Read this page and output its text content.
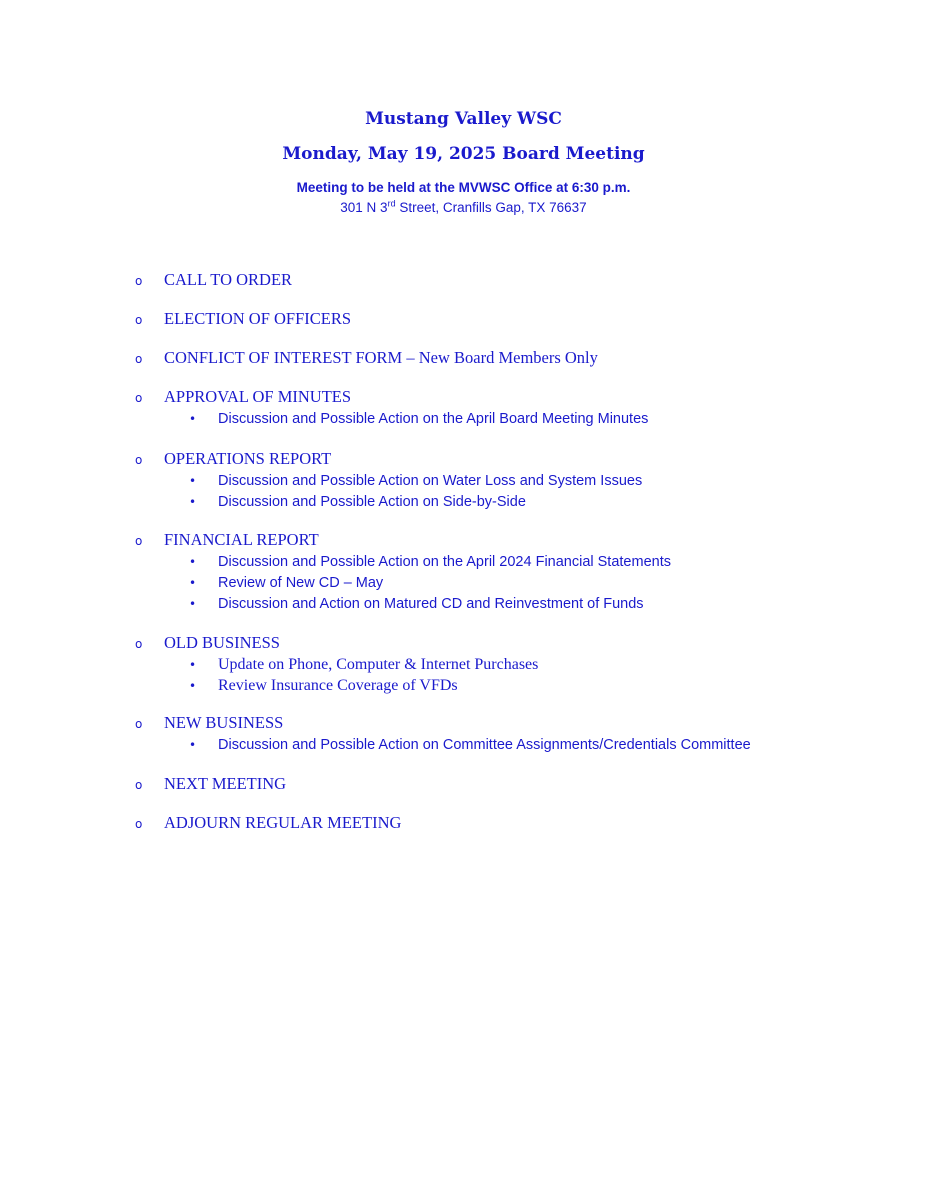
Mustang Valley WSC
Monday, May 19, 2025 Board Meeting
Meeting to be held at the MVWSC Office at 6:30 p.m.
301 N 3rd Street, Cranfills Gap, TX 76637
o CALL TO ORDER
o ELECTION OF OFFICERS
o CONFLICT OF INTEREST FORM – New Board Members Only
o APPROVAL OF MINUTES
• Discussion and Possible Action on the April Board Meeting Minutes
o OPERATIONS REPORT
• Discussion and Possible Action on Water Loss and System Issues
• Discussion and Possible Action on Side-by-Side
o FINANCIAL REPORT
• Discussion and Possible Action on the April 2024 Financial Statements
• Review of New CD – May
• Discussion and Action on Matured CD and Reinvestment of Funds
o OLD BUSINESS
• Update on Phone, Computer & Internet Purchases
• Review Insurance Coverage of VFDs
o NEW BUSINESS
• Discussion and Possible Action on Committee Assignments/Credentials Committee
o NEXT MEETING
o ADJOURN REGULAR MEETING
